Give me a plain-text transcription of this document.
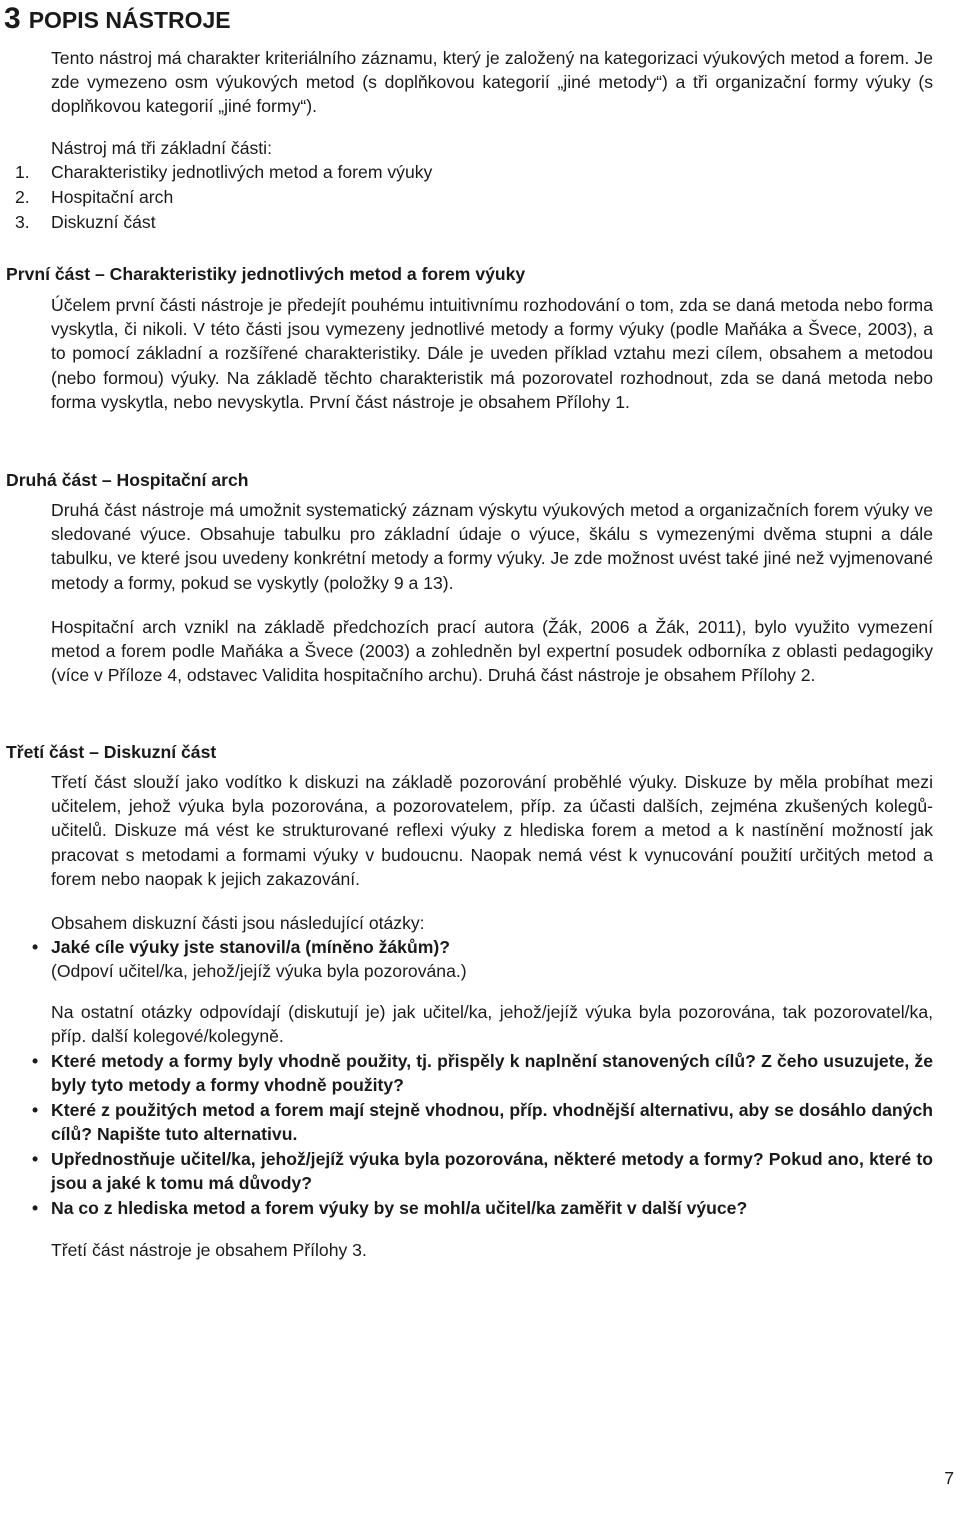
3 POPIS NÁSTROJE

Tento nástroj má charakter kriteriálního záznamu, který je založený na kategorizaci výukových metod a forem. Je zde vymezeno osm výukových metod (s doplňkovou kategorií „jiné metody“) a tři organizační formy výuky (s doplňkovou kategorií „jiné formy“).

Nástroj má tři základní části:

1. Charakteristiky jednotlivých metod a forem výuky
2. Hospitační arch
3. Diskuzní část
První část – Charakteristiky jednotlivých metod a forem výuky

Účelem první části nástroje je předejít pouhému intuitivnímu rozhodování o tom, zda se daná metoda nebo forma vyskytla, či nikoli. V této části jsou vymezeny jednotlivé metody a formy výuky (podle Maňáka a Švece, 2003), a to pomocí základní a rozšířené charakteristiky. Dále je uveden příklad vztahu mezi cílem, obsahem a metodou (nebo formou) výuky. Na základě těchto charakteristik má pozorovatel rozhodnout, zda se daná metoda nebo forma vyskytla, nebo nevyskytla. První část nástroje je obsahem Přílohy 1.

Druhá část – Hospitační arch

Druhá část nástroje má umožnit systematický záznam výskytu výukových metod a organizačních forem výuky ve sledované výuce. Obsahuje tabulku pro základní údaje o výuce, škálu s vymezenými dvěma stupni a dále tabulku, ve které jsou uvedeny konkrétní metody a formy výuky. Je zde možnost uvést také jiné než vyjmenované metody a formy, pokud se vyskytly (položky 9 a 13).

Hospitační arch vznikl na základě předchozích prací autora (Žák, 2006 a Žák, 2011), bylo využito vymezení metod a forem podle Maňáka a Švece (2003) a zohledněn byl expertní posudek odborníka z oblasti pedagogiky (více v Příloze 4, odstavec Validita hospitačního archu). Druhá část nástroje je obsahem Přílohy 2.

Třetí část – Diskuzní část

Třetí část slouží jako vodítko k diskuzi na základě pozorování proběhlé výuky. Diskuze by měla probíhat mezi učitelem, jehož výuka byla pozorována, a pozorovatelem, příp. za účasti dalších, zejména zkušených kolegů-učitelů. Diskuze má vést ke strukturované reflexi výuky z hlediska forem a metod a k nastínění možností jak pracovat s metodami a formami výuky v budoucnu. Naopak nemá vést k vynucování použití určitých metod a forem nebo naopak k jejich zakazování.

Obsahem diskuzní části jsou následující otázky:

• Jaké cíle výuky jste stanovil/a (míněno žákům)?

(Odpoví učitel/ka, jehož/jejíž výuka byla pozorována.)

Na ostatní otázky odpovídají (diskutují je) jak učitel/ka, jehož/jejíž výuka byla pozorována, tak pozorovatel/ka, příp. další kolegové/kolegyně.

• Které metody a formy byly vhodně použity, tj. přispěly k naplnění stanovených cílů? Z čeho usuzujete, že byly tyto metody a formy vhodně použity?

• Které z použitých metod a forem mají stejně vhodnou, příp. vhodnější alternativu, aby se dosáhlo daných cílů? Napište tuto alternativu.

• Upřednostňuje učitel/ka, jehož/jejíž výuka byla pozorována, některé metody a formy? Pokud ano, které to jsou a jaké k tomu má důvody?

• Na co z hlediska metod a forem výuky by se mohl/a učitel/ka zaměřit v další výuce?

Třetí část nástroje je obsahem Přílohy 3.

7
